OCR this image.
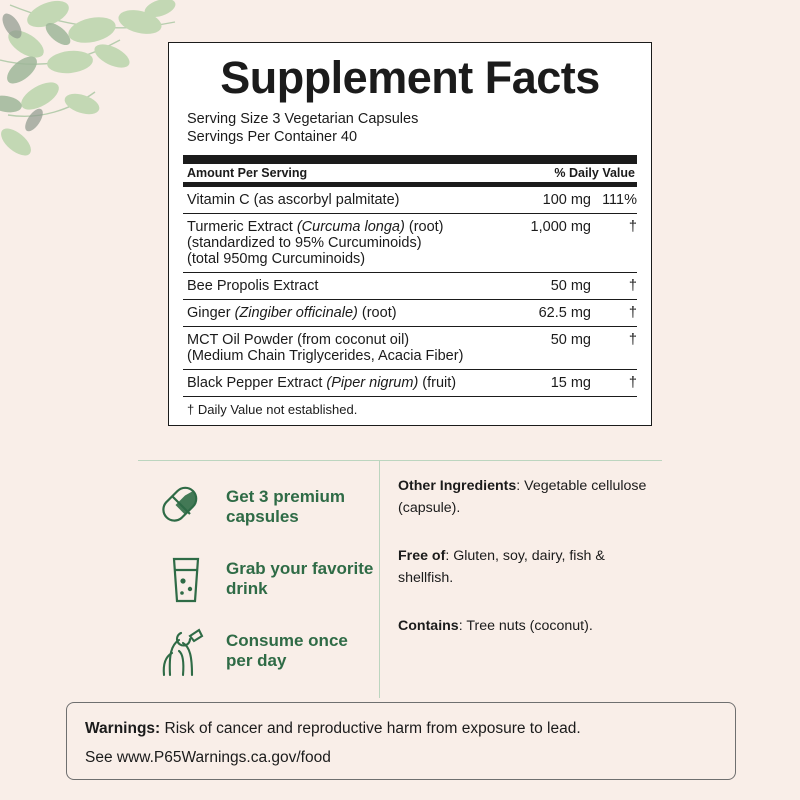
Supplement Facts
Serving Size 3 Vegetarian Capsules
Servings Per Container 40
Amount Per Serving	% Daily Value
Vitamin C (as ascorbyl palmitate)	100 mg	111%
Turmeric Extract (Curcuma longa) (root)
(standardized to 95% Curcuminoids)
(total 950mg Curcuminoids)	1,000 mg	†
Bee Propolis Extract	50 mg	†
Ginger (Zingiber officinale) (root)	62.5 mg	†
MCT Oil Powder (from coconut oil)
(Medium Chain Triglycerides, Acacia Fiber)	50 mg	†
Black Pepper Extract (Piper nigrum) (fruit)	15 mg	†
† Daily Value not established.
Get 3 premium capsules
Grab your favorite drink
Consume once per day
Other Ingredients: Vegetable cellulose (capsule).
Free of: Gluten, soy, dairy, fish & shellfish.
Contains: Tree nuts (coconut).
Warnings: Risk of cancer and reproductive harm from exposure to lead.
See www.P65Warnings.ca.gov/food
